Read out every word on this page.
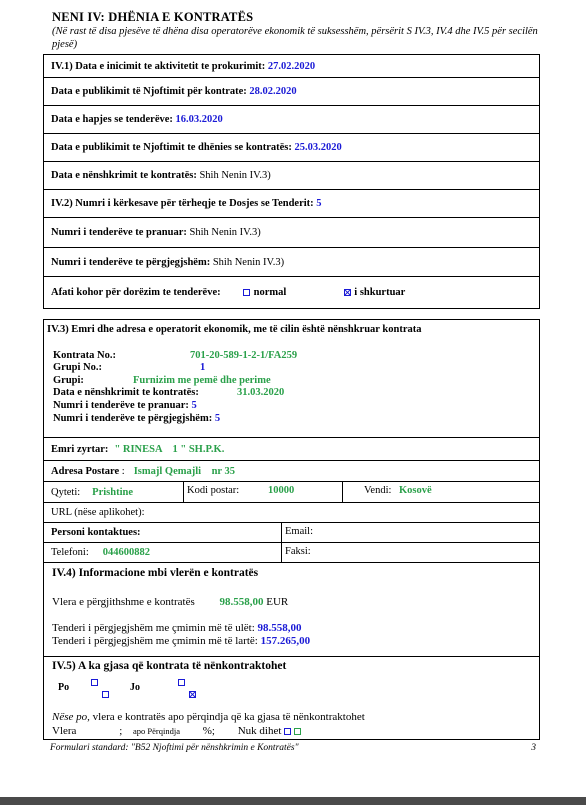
NENI IV: DHËNIA E KONTRATËS
(Në rast të disa pjesëve të dhëna disa operatorëve ekonomik të suksesshëm, përsërit S IV.3, IV.4 dhe IV.5 për secilën pjesë)
IV.1) Data e inicimit te aktivitetit te prokurimit:
27.02.2020
Data e publikimit të Njoftimit për kontrate:
28.02.2020
Data e hapjes se tenderëve:
16.03.2020
Data e publikimit te Njoftimit te dhënies se kontratës:
25.03.2020
Data e nënshkrimit te kontratës:
Shih Nenin IV.3)
IV.2) Numri i kërkesave për tërheqje te Dosjes se Tenderit:
5
Numri i tenderëve te pranuar:
Shih Nenin IV.3)
Numri i tenderëve te përgjegjshëm:
Shih Nenin IV.3)
Afati kohor për dorëzim te tenderëve:	normal	i shkurtuar
IV.3) Emri dhe adresa e operatorit ekonomik, me të cilin është nënshkruar kontrata
Kontrata No.:	701-20-589-1-2-1/FA259
Grupi No.:	1
Grupi:	Furnizim me pemë dhe perime
Data e nënshkrimit te kontratës:	31.03.2020
Numri i tenderëve te pranuar: 5
Numri i tenderëve te përgjegjshëm: 5
Emri zyrtar: " RINESA    1 " SH.P.K.
Adresa Postare : Ismajl Qemajli    nr 35
Qyteti: Prishtine	Kodi postar:	10000	Vendi: Kosovë
URL (nëse aplikohet):
Personi kontaktues:	Email:
Telefoni: 044600882	Faksi:
IV.4) Informacione mbi vlerën e kontratës
Vlera e përgjithshme e kontratës 98.558,00 EUR
Tenderi i përgjegjshëm me çmimin më të ulët: 98.558,00
Tenderi i përgjegjshëm me çmimin më të lartë: 157.265,00
IV.5) A ka gjasa që kontrata të nënkontraktohet
Po
	Jo

Nëse po, vlera e kontratës apo përqindja që ka gjasa të nënkontraktohet
Vlera	; apo Përqindja %; Nuk dihet
Formulari standard: "B52 Njoftimi për nënshkrimin e Kontratës"	3
